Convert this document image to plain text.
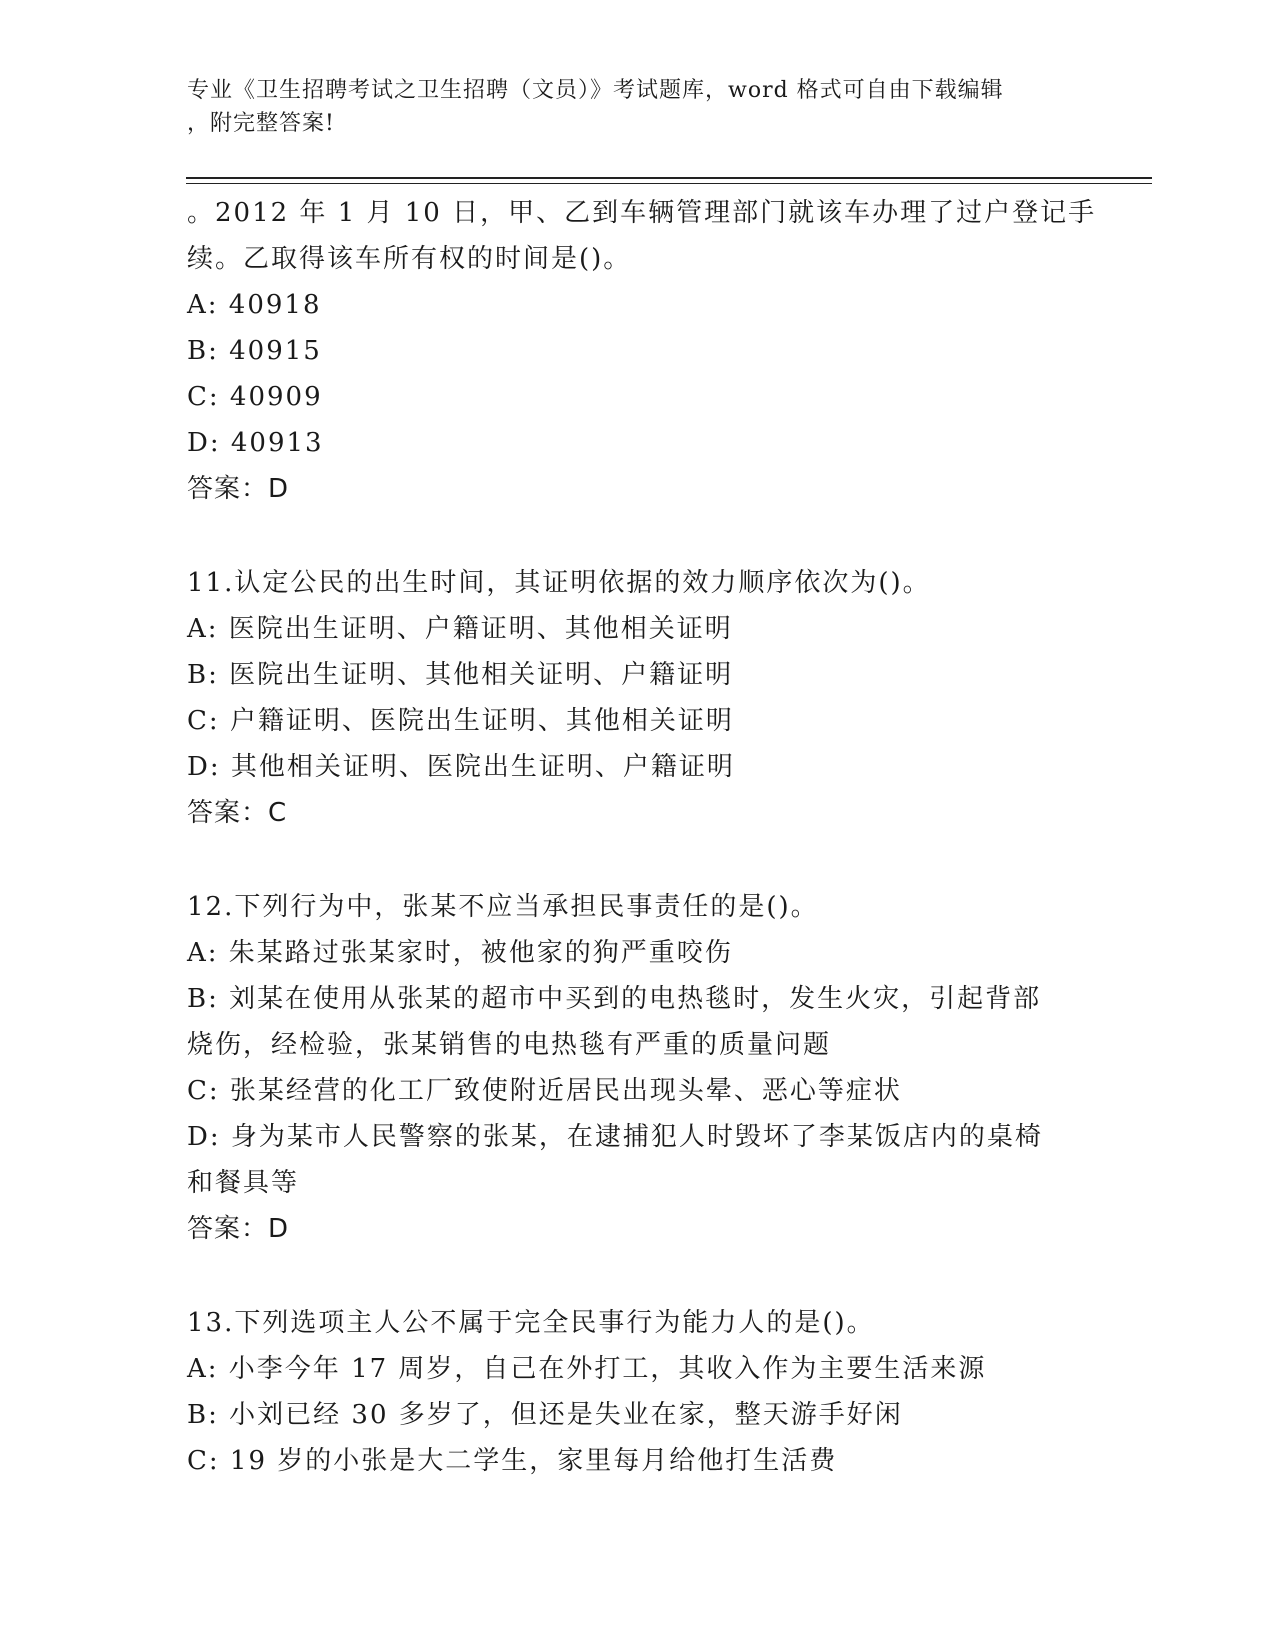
专业《卫生招聘考试之卫生招聘（文员）》考试题库，word 格式可自由下载编辑
，附完整答案!

。2012 年 1 月 10 日，甲、乙到车辆管理部门就该车办理了过户登记手

续。乙取得该车所有权的时间是()。

A: 40918

B: 40915

C: 40909

D: 40913

答案：D

11.认定公民的出生时间，其证明依据的效力顺序依次为()。

A: 医院出生证明、户籍证明、其他相关证明

B: 医院出生证明、其他相关证明、户籍证明

C: 户籍证明、医院出生证明、其他相关证明

D: 其他相关证明、医院出生证明、户籍证明

答案：C

12.下列行为中，张某不应当承担民事责任的是()。

A: 朱某路过张某家时，被他家的狗严重咬伤

B: 刘某在使用从张某的超市中买到的电热毯时，发生火灾，引起背部

烧伤，经检验，张某销售的电热毯有严重的质量问题

C: 张某经营的化工厂致使附近居民出现头晕、恶心等症状

D: 身为某市人民警察的张某，在逮捕犯人时毁坏了李某饭店内的桌椅

和餐具等

答案：D

13.下列选项主人公不属于完全民事行为能力人的是()。

A: 小李今年 17 周岁，自己在外打工，其收入作为主要生活来源

B: 小刘已经 30 多岁了，但还是失业在家，整天游手好闲

C: 19 岁的小张是大二学生，家里每月给他打生活费
